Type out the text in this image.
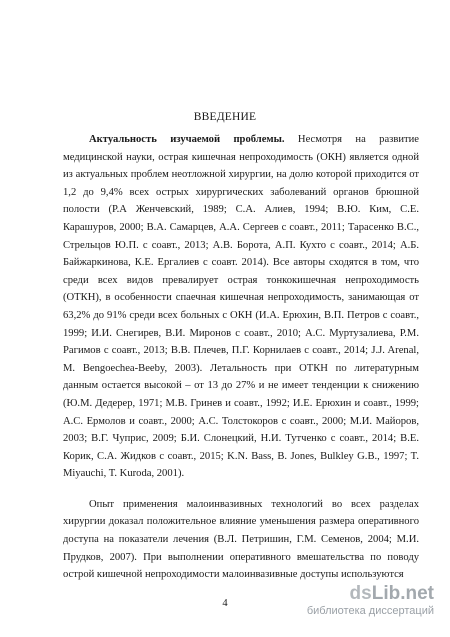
ВВЕДЕНИЕ

Актуальность изучаемой проблемы. Несмотря на развитие медицинской науки, острая кишечная непроходимость (ОКН) является одной из актуальных проблем неотложной хирургии, на долю которой приходится от 1,2 до 9,4% всех острых хирургических заболеваний органов брюшной полости (Р.А Женчевский, 1989; С.А. Алиев, 1994; В.Ю. Ким, С.Е. Карашуров, 2000; В.А. Самарцев, А.А. Сергеев с соавт., 2011; Тарасенко В.С., Стрельцов Ю.П. с соавт., 2013; А.В. Борота, А.П. Кухто с соавт., 2014; А.Б. Байжаркинова, К.Е. Ергалиев с соавт. 2014). Все авторы сходятся в том, что среди всех видов превалирует острая тонкокишечная непроходимость (ОТКН), в особенности спаечная кишечная непроходимость, занимающая от 63,2% до 91% среди всех больных с ОКН (И.А. Ерюхин, В.П. Петров с соавт., 1999; И.И. Снегирев, В.И. Миронов с соавт., 2010; А.С. Муртузалиева, Р.М. Рагимов с соавт., 2013; В.В. Плечев, П.Г. Корнилаев с соавт., 2014; J.J. Arenal, M. Bengoechea-Beeby, 2003). Летальность при ОТКН по литературным данным остается высокой – от 13 до 27% и не имеет тенденции к снижению (Ю.М. Дедерер, 1971; М.В. Гринев и соавт., 1992; И.Е. Ерюхин и соавт., 1999; А.С. Ермолов и соавт., 2000; А.С. Толстокоров с соавт., 2000; М.И. Майоров, 2003; В.Г. Чуприс, 2009; Б.И. Слонецкий, Н.И. Тутченко с соавт., 2014; В.Е. Корик, С.А. Жидков с соавт., 2015; K.N. Bass, B. Jones, Bulkley G.B., 1997; T. Miyauchi, T. Kuroda, 2001).

Опыт применения малоинвазивных технологий во всех разделах хирургии доказал положительное влияние уменьшения размера оперативного доступа на показатели лечения (В.Л. Петришин, Г.М. Семенов, 2004; М.И. Прудков, 2007). При выполнении оперативного вмешательства по поводу острой кишечной непроходимости малоинвазивные доступы используются

4	dsLib.net
библиотека диссертаций
